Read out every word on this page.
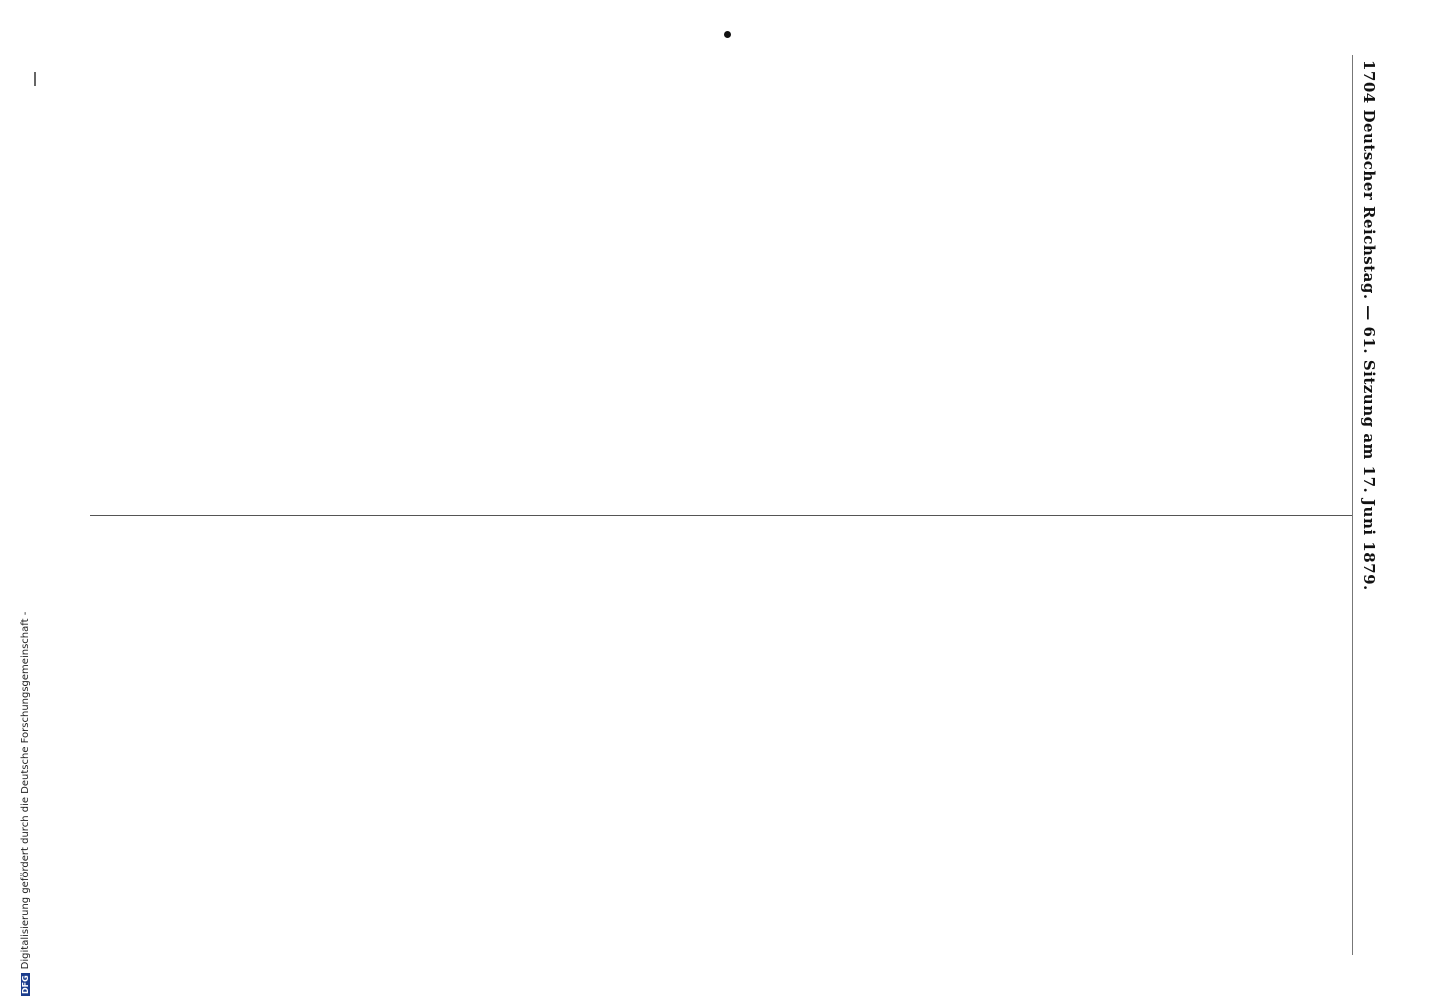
1704 Deutscher Reichstag. — 61. Sitzung am 17. Juni 1879.
DFG
Digitalisierung gefördert durch die Deutsche Forschungsgemeinschaft -
